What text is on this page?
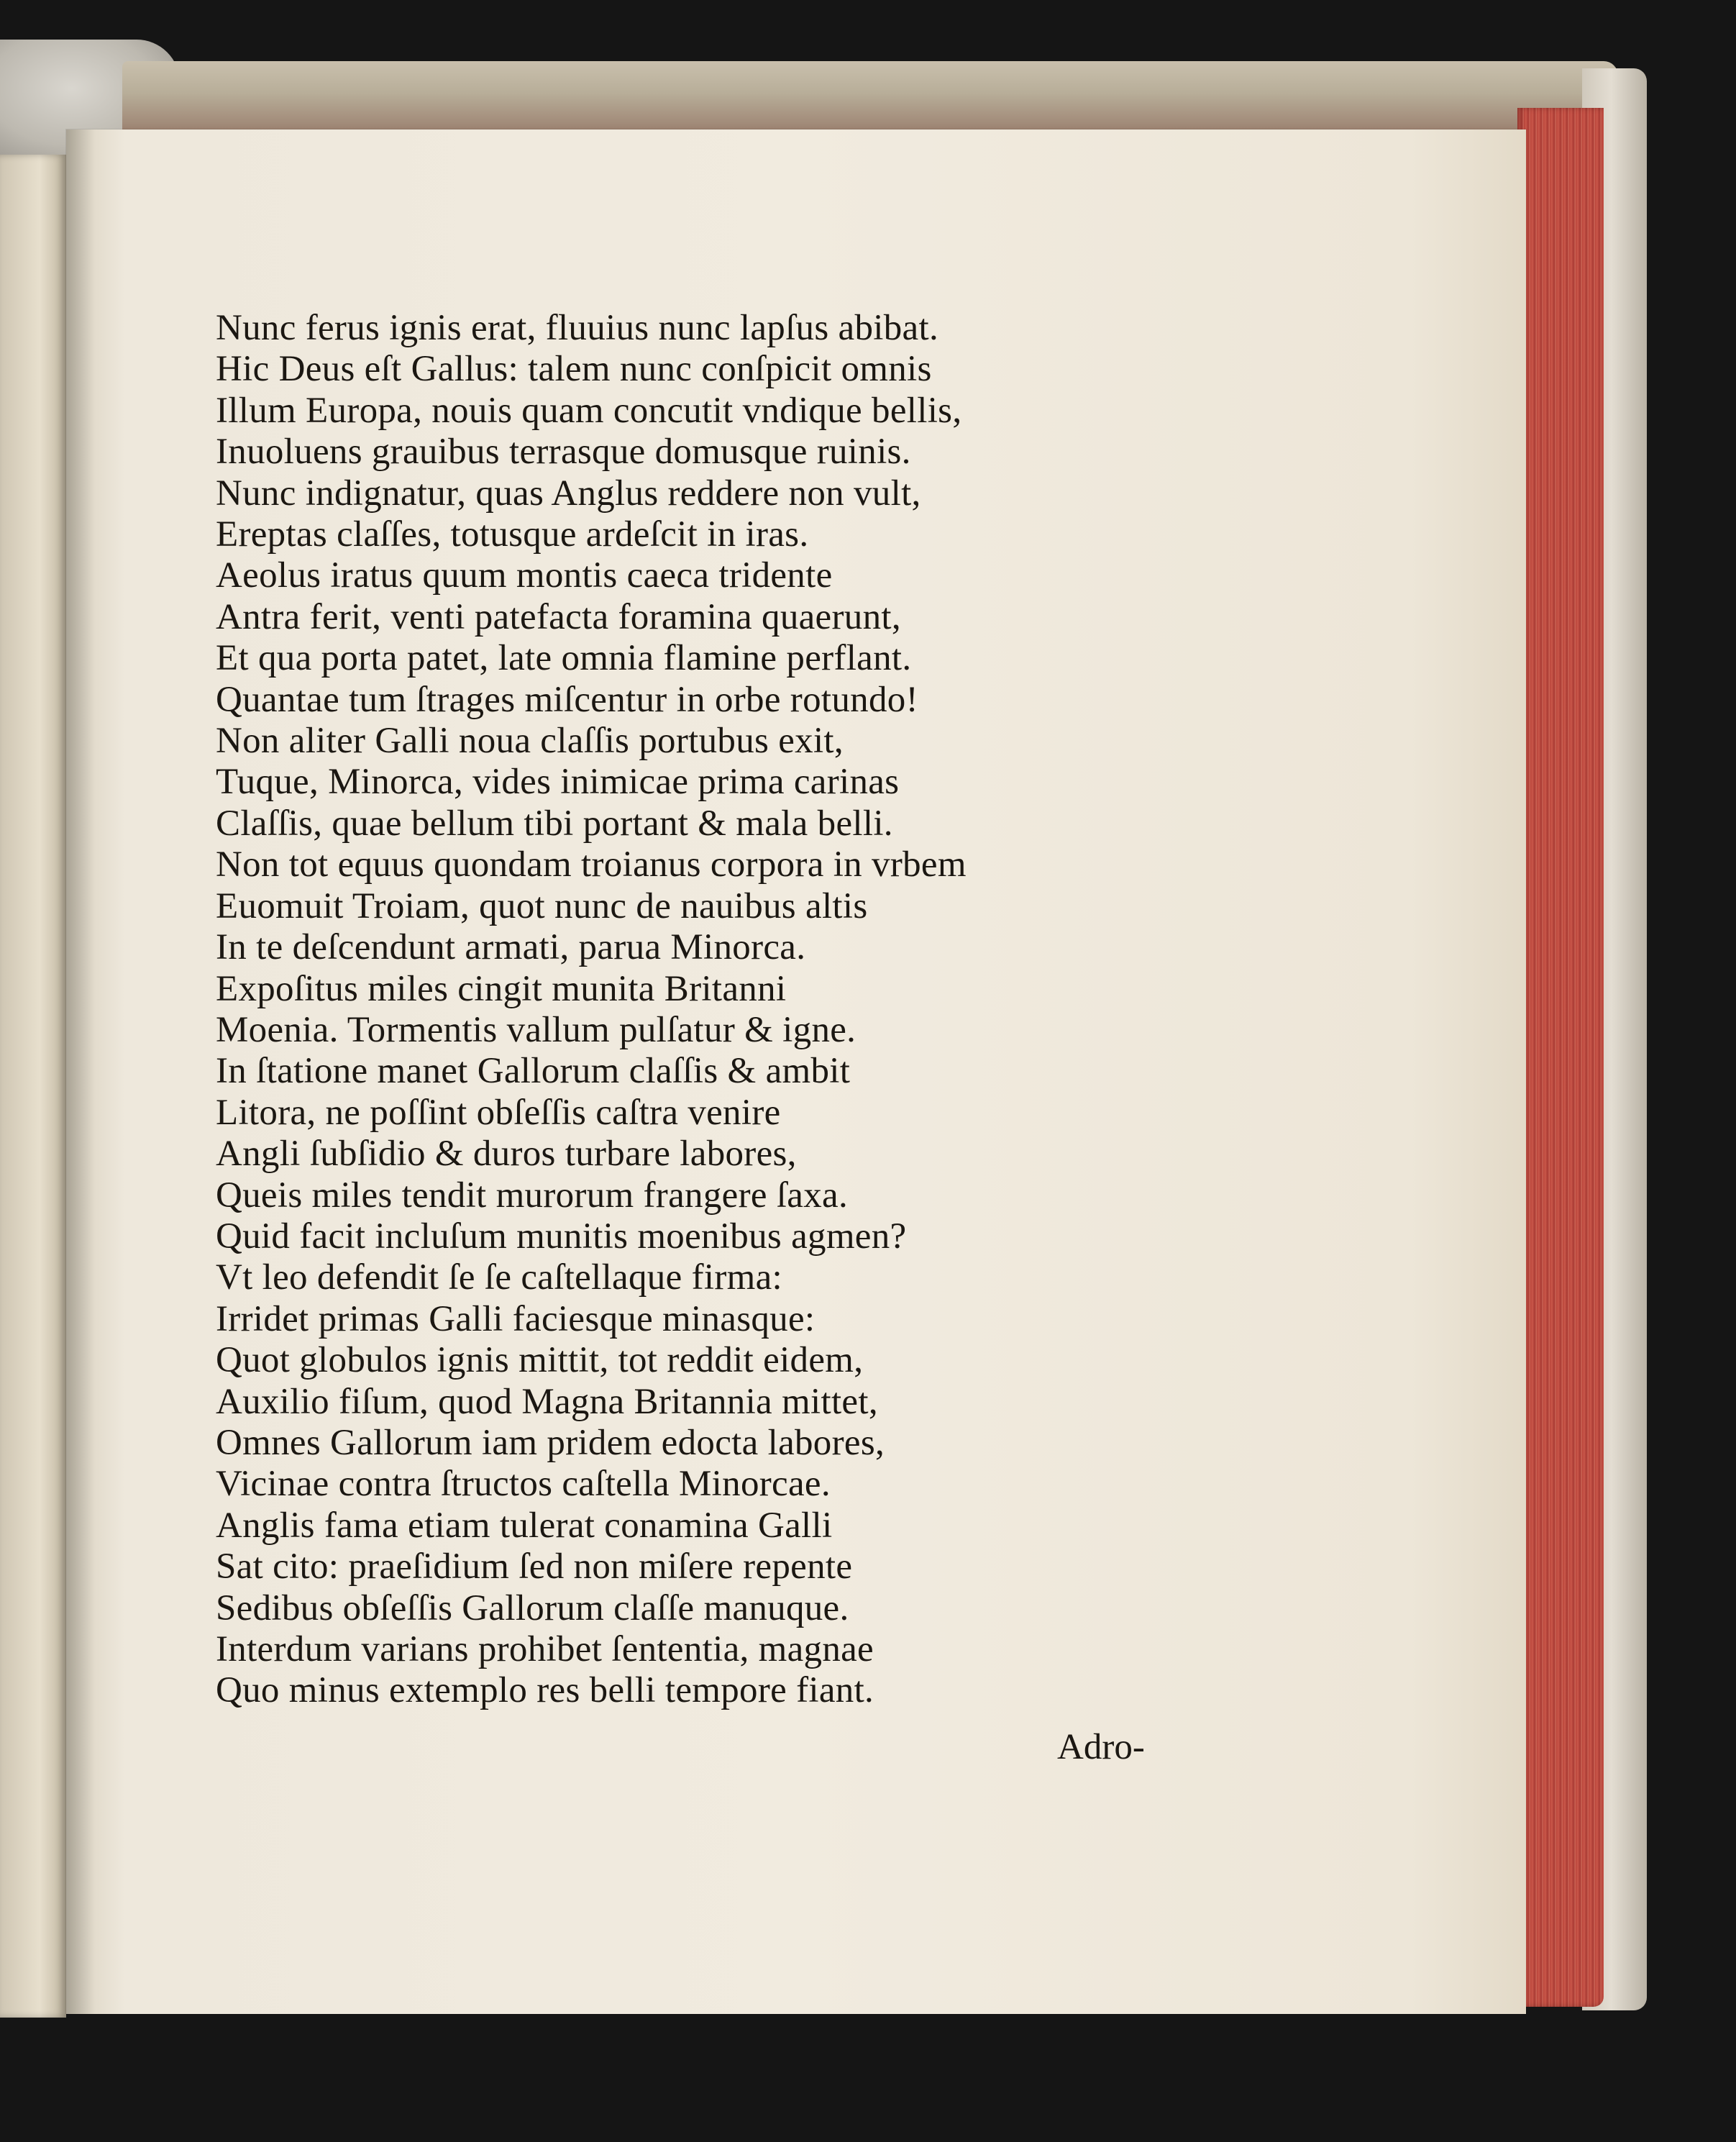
Nunc ferus ignis erat, fluuius nunc lapſus abibat.
Hic Deus eſt Gallus: talem nunc conſpicit omnis
Illum Europa, nouis quam concutit vndique bellis,
Inuoluens grauibus terrasque domusque ruinis.
Nunc indignatur, quas Anglus reddere non vult,
Ereptas claſſes, totusque ardeſcit in iras.
Aeolus iratus quum montis caeca tridente
Antra ferit, venti patefacta foramina quaerunt,
Et qua porta patet, late omnia flamine perflant.
Quantae tum ſtrages miſcentur in orbe rotundo!
Non aliter Galli noua claſſis portubus exit,
Tuque, Minorca, vides inimicae prima carinas
Claſſis, quae bellum tibi portant & mala belli.
Non tot equus quondam troianus corpora in vrbem
Euomuit Troiam, quot nunc de nauibus altis
In te deſcendunt armati, parua Minorca.
Expoſitus miles cingit munita Britanni
Moenia. Tormentis vallum pulſatur & igne.
In ſtatione manet Gallorum claſſis & ambit
Litora, ne poſſint obſeſſis caſtra venire
Angli ſubſidio & duros turbare labores,
Queis miles tendit murorum frangere ſaxa.
Quid facit incluſum munitis moenibus agmen?
Vt leo defendit ſe ſe caſtellaque firma:
Irridet primas Galli faciesque minasque:
Quot globulos ignis mittit, tot reddit eidem,
Auxilio fiſum, quod Magna Britannia mittet,
Omnes Gallorum iam pridem edocta labores,
Vicinae contra ſtructos caſtella Minorcae.
Anglis fama etiam tulerat conamina Galli
Sat cito: praeſidium ſed non miſere repente
Sedibus obſeſſis Gallorum claſſe manuque.
Interdum varians prohibet ſententia, magnae
Quo minus extemplo res belli tempore fiant.
Adro-
